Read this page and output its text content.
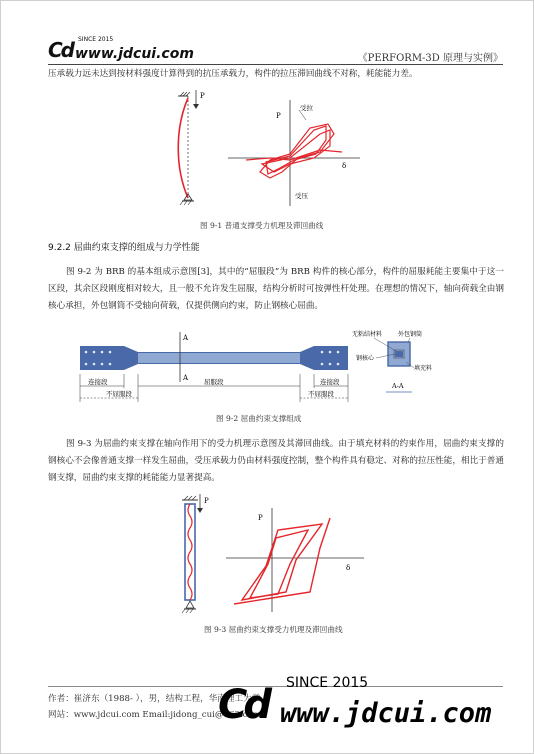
Cd www.jdcui.com
SINCE 2015
《PERFORM-3D 原理与实例》

压承载力远未达到按材料强度计算得到的抗压承载力，构件的拉压滞回曲线不对称，耗能能力差。

P
P
δ
受拉
受压
图 9-1 普通支撑受力机理及滞回曲线
9.2.2 屈曲约束支撑的组成与力学性能

图 9-2 为 BRB 的基本组成示意图[3]，其中的“屈服段”为 BRB 构件的核心部分，构件的屈服耗能主要集中于这一区段，其余区段刚度相对较大，且一般不允许发生屈服，结构分析时可按弹性杆处理。在理想的情况下，轴向荷载全由钢核心承担，外包钢筒不受轴向荷载，仅提供侧向约束，防止钢核心屈曲。

A
A
连接段	屈服段	连接段
不屈服段	不屈服段
无粘结材料	外包钢筒
钢核心
填充料
A-A
图 9-2 屈曲约束支撑组成

图 9-3 为屈曲约束支撑在轴向作用下的受力机理示意图及其滞回曲线。由于填充材料的约束作用，屈曲约束支撑的钢核心不会像普通支撑一样发生屈曲，受压承载力仍由材料强度控制，整个构件具有稳定、对称的拉压性能，相比于普通钢支撑，屈曲约束支撑的耗能能力显著提高。

P
P
δ
图 9-3 屈曲约束支撑受力机理及滞回曲线
作者：崔济东（1988- ），男，结构工程，华南理工大学
网站：www.jdcui.com Email:jidong_cui@163.com
SINCE 2015
Cd www.jdcui.com
